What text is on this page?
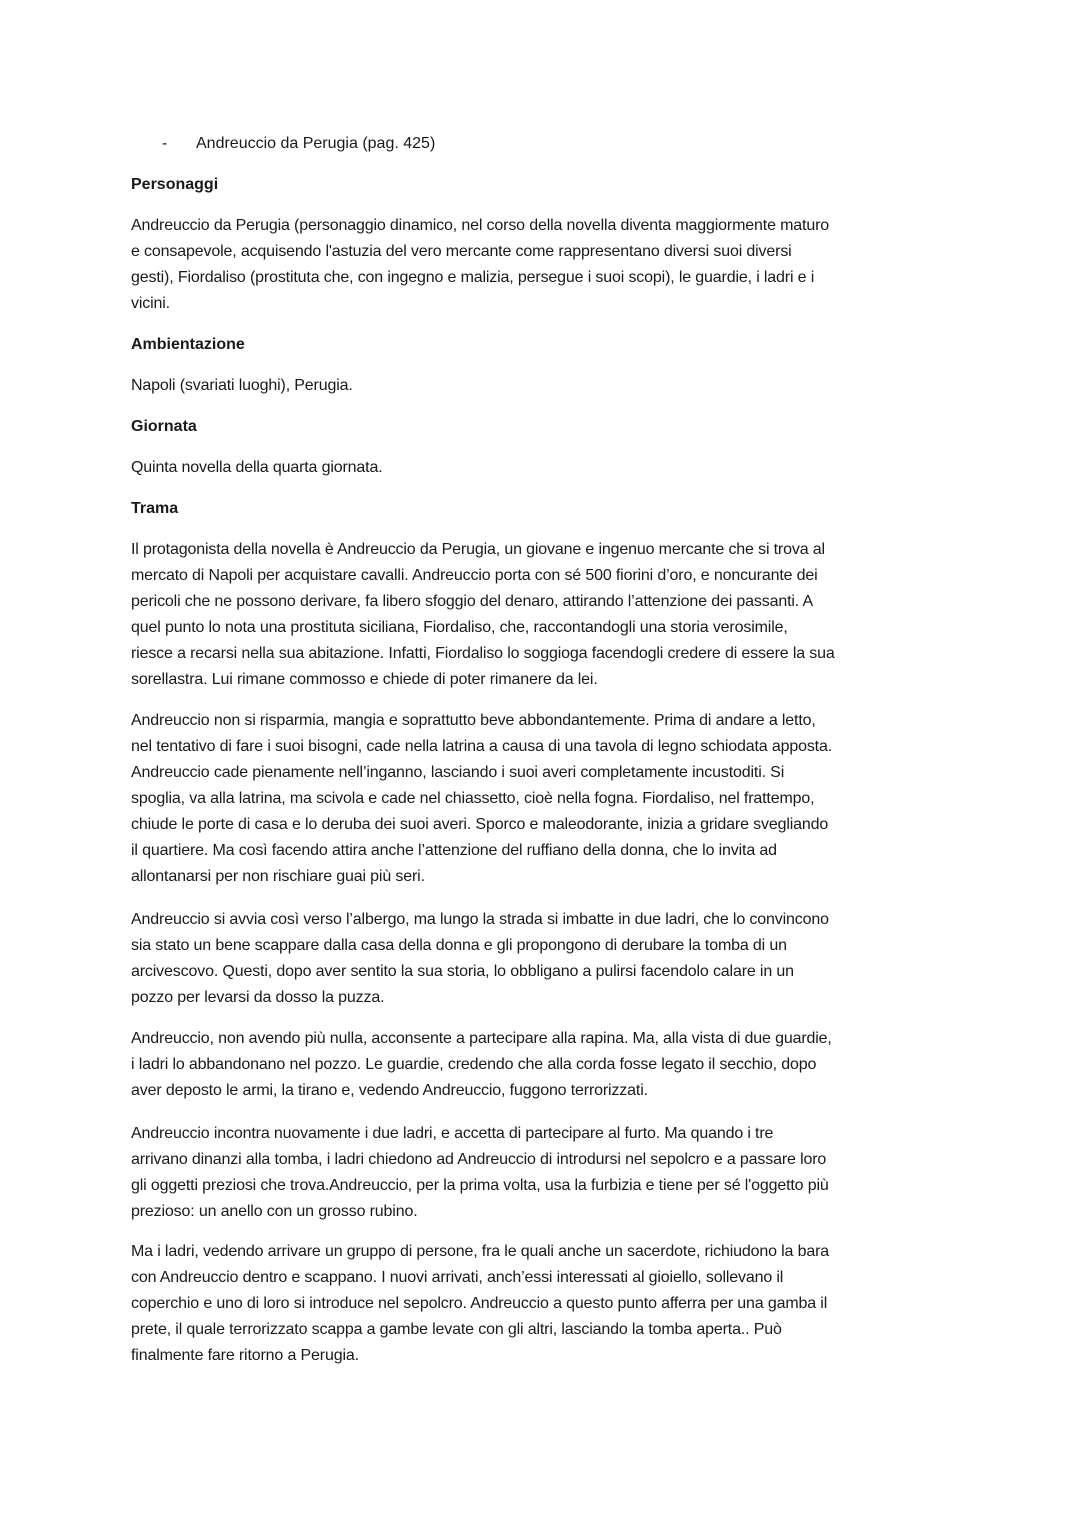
- Andreuccio da Perugia (pag. 425)
Personaggi
Andreuccio da Perugia (personaggio dinamico, nel corso della novella diventa maggiormente maturo
e consapevole, acquisendo l'astuzia del vero mercante come rappresentano diversi suoi diversi
gesti), Fiordaliso (prostituta che, con ingegno e malizia, persegue i suoi scopi), le guardie, i ladri e i
vicini.
Ambientazione
Napoli (svariati luoghi), Perugia.
Giornata
Quinta novella della quarta giornata.
Trama
Il protagonista della novella è Andreuccio da Perugia, un giovane e ingenuo mercante che si trova al
mercato di Napoli per acquistare cavalli. Andreuccio porta con sé 500 fiorini d’oro, e noncurante dei
pericoli che ne possono derivare, fa libero sfoggio del denaro, attirando l’attenzione dei passanti. A
quel punto lo nota una prostituta siciliana, Fiordaliso, che, raccontandogli una storia verosimile,
riesce a recarsi nella sua abitazione. Infatti, Fiordaliso lo soggioga facendogli credere di essere la sua
sorellastra. Lui rimane commosso e chiede di poter rimanere da lei.
Andreuccio non si risparmia, mangia e soprattutto beve abbondantemente. Prima di andare a letto,
nel tentativo di fare i suoi bisogni, cade nella latrina a causa di una tavola di legno schiodata apposta.
Andreuccio cade pienamente nell’inganno, lasciando i suoi averi completamente incustoditi. Si
spoglia, va alla latrina, ma scivola e cade nel chiassetto, cioè nella fogna. Fiordaliso, nel frattempo,
chiude le porte di casa e lo deruba dei suoi averi. Sporco e maleodorante, inizia a gridare svegliando
il quartiere. Ma così facendo attira anche l’attenzione del ruffiano della donna, che lo invita ad
allontanarsi per non rischiare guai più seri.
Andreuccio si avvia così verso l’albergo, ma lungo la strada si imbatte in due ladri, che lo convincono
sia stato un bene scappare dalla casa della donna e gli propongono di derubare la tomba di un
arcivescovo. Questi, dopo aver sentito la sua storia, lo obbligano a pulirsi facendolo calare in un
pozzo per levarsi da dosso la puzza.
Andreuccio, non avendo più nulla, acconsente a partecipare alla rapina. Ma, alla vista di due guardie,
i ladri lo abbandonano nel pozzo. Le guardie, credendo che alla corda fosse legato il secchio, dopo
aver deposto le armi, la tirano e, vedendo Andreuccio, fuggono terrorizzati.
Andreuccio incontra nuovamente i due ladri, e accetta di partecipare al furto. Ma quando i tre
arrivano dinanzi alla tomba, i ladri chiedono ad Andreuccio di introdursi nel sepolcro e a passare loro
gli oggetti preziosi che trova.Andreuccio, per la prima volta, usa la furbizia e tiene per sé l'oggetto più
prezioso: un anello con un grosso rubino.
Ma i ladri, vedendo arrivare un gruppo di persone, fra le quali anche un sacerdote, richiudono la bara
con Andreuccio dentro e scappano. I nuovi arrivati, anch’essi interessati al gioiello, sollevano il
coperchio e uno di loro si introduce nel sepolcro. Andreuccio a questo punto afferra per una gamba il
prete, il quale terrorizzato scappa a gambe levate con gli altri, lasciando la tomba aperta.. Può
finalmente fare ritorno a Perugia.
